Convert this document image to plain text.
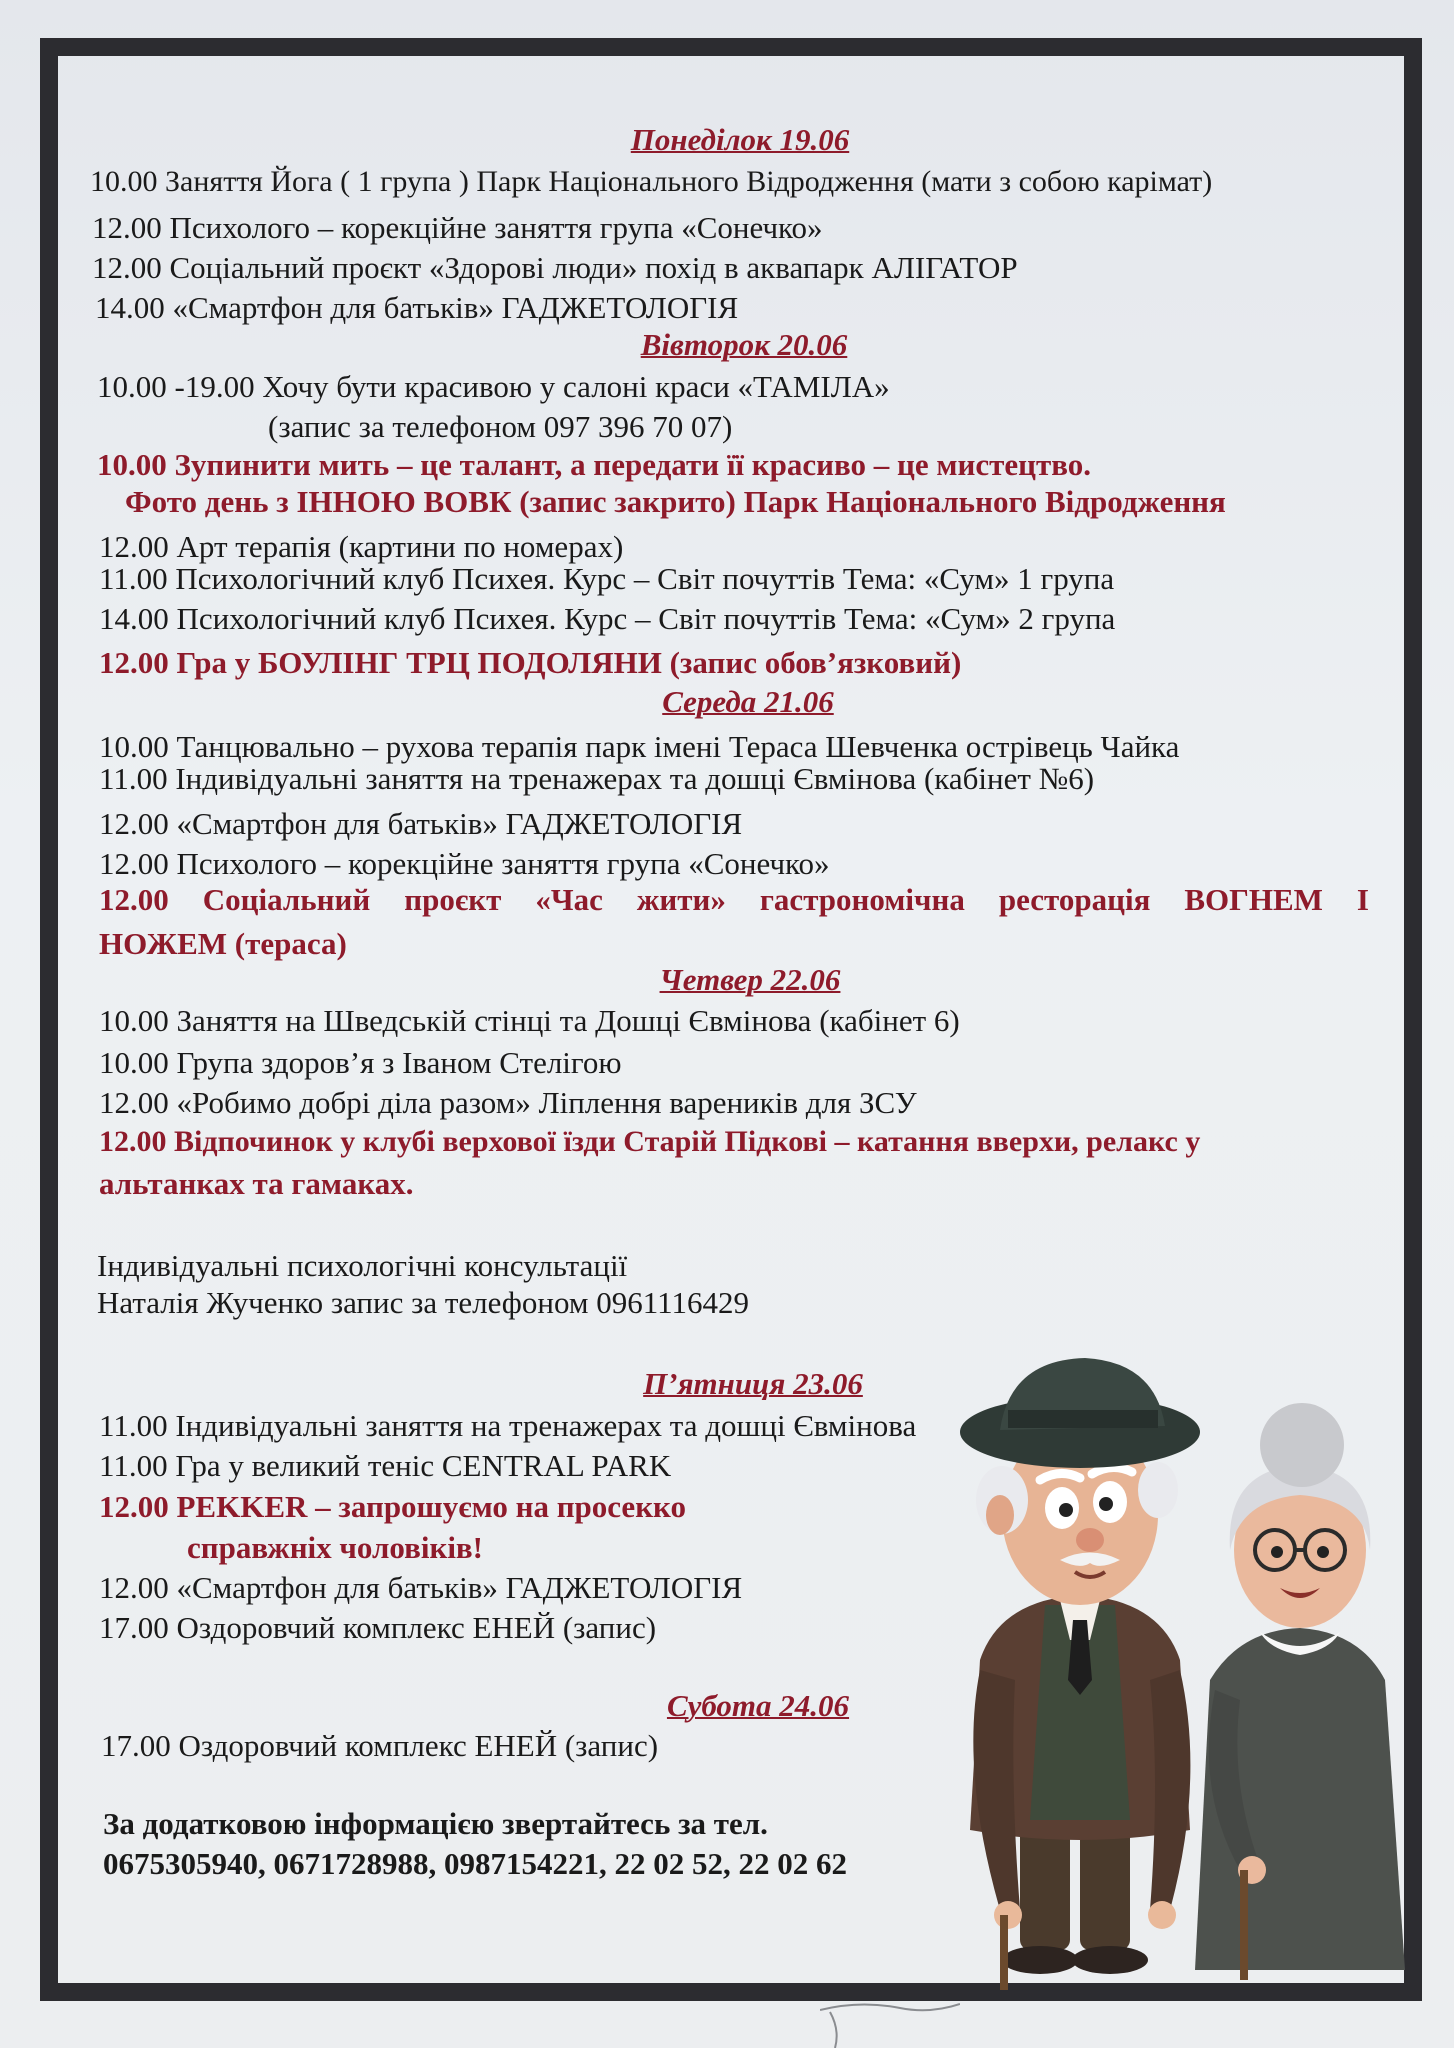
Понеділок 19.06
10.00 Заняття Йога ( 1 група ) Парк Національного Відродження (мати з собою карімат)
12.00 Психолого – корекційне заняття група «Сонечко»
12.00 Соціальний проєкт «Здорові люди» похід в аквапарк АЛІГАТОР
14.00 «Смартфон для батьків» ГАДЖЕТОЛОГІЯ
Вівторок 20.06
10.00 -19.00 Хочу бути красивою у салоні краси «ТАМІЛА»
(запис за телефоном 097 396 70 07)
10.00 Зупинити мить – це талант, а передати її красиво – це мистецтво.
Фото день з ІННОЮ ВОВК (запис закрито) Парк Національного Відродження
12.00 Арт терапія (картини по номерах)
11.00 Психологічний клуб Психея. Курс – Світ почуттів Тема: «Сум» 1 група
14.00 Психологічний клуб Психея. Курс – Світ почуттів Тема: «Сум» 2 група
12.00 Гра у БОУЛІНГ ТРЦ ПОДОЛЯНИ (запис обов’язковий)
Середа 21.06
10.00 Танцювально – рухова терапія парк імені Тераса Шевченка острівець Чайка
11.00 Індивідуальні заняття на тренажерах та дошці Євмінова (кабінет №6)
12.00 «Смартфон для батьків» ГАДЖЕТОЛОГІЯ
12.00 Психолого – корекційне заняття група «Сонечко»
12.00 Соціальний проєкт «Час жити» гастрономічна ресторація ВОГНЕМ І
НОЖЕМ (тераса)
Четвер 22.06
10.00 Заняття на Шведській стінці та Дошці Євмінова (кабінет 6)
10.00 Група здоров’я з Іваном Стелігою
12.00 «Робимо добрі діла разом» Ліплення вареників для ЗСУ
12.00 Відпочинок у клубі верхової їзди Старій Підкові – катання вверхи, релакс у
альтанках та гамаках.
Індивідуальні психологічні консультації
Наталія Жученко запис за телефоном 0961116429
П’ятниця 23.06
11.00 Індивідуальні заняття на тренажерах та дошці Євмінова
11.00 Гра у великий теніс CENTRAL PARK
12.00 PEKKER – запрошуємо на просекко
справжніх чоловіків!
12.00 «Смартфон для батьків» ГАДЖЕТОЛОГІЯ
17.00 Оздоровчий комплекс ЕНЕЙ (запис)
Субота 24.06
17.00 Оздоровчий комплекс ЕНЕЙ (запис)
За додатковою інформацією звертайтесь за тел.
0675305940, 0671728988, 0987154221, 22 02 52, 22 02 62
